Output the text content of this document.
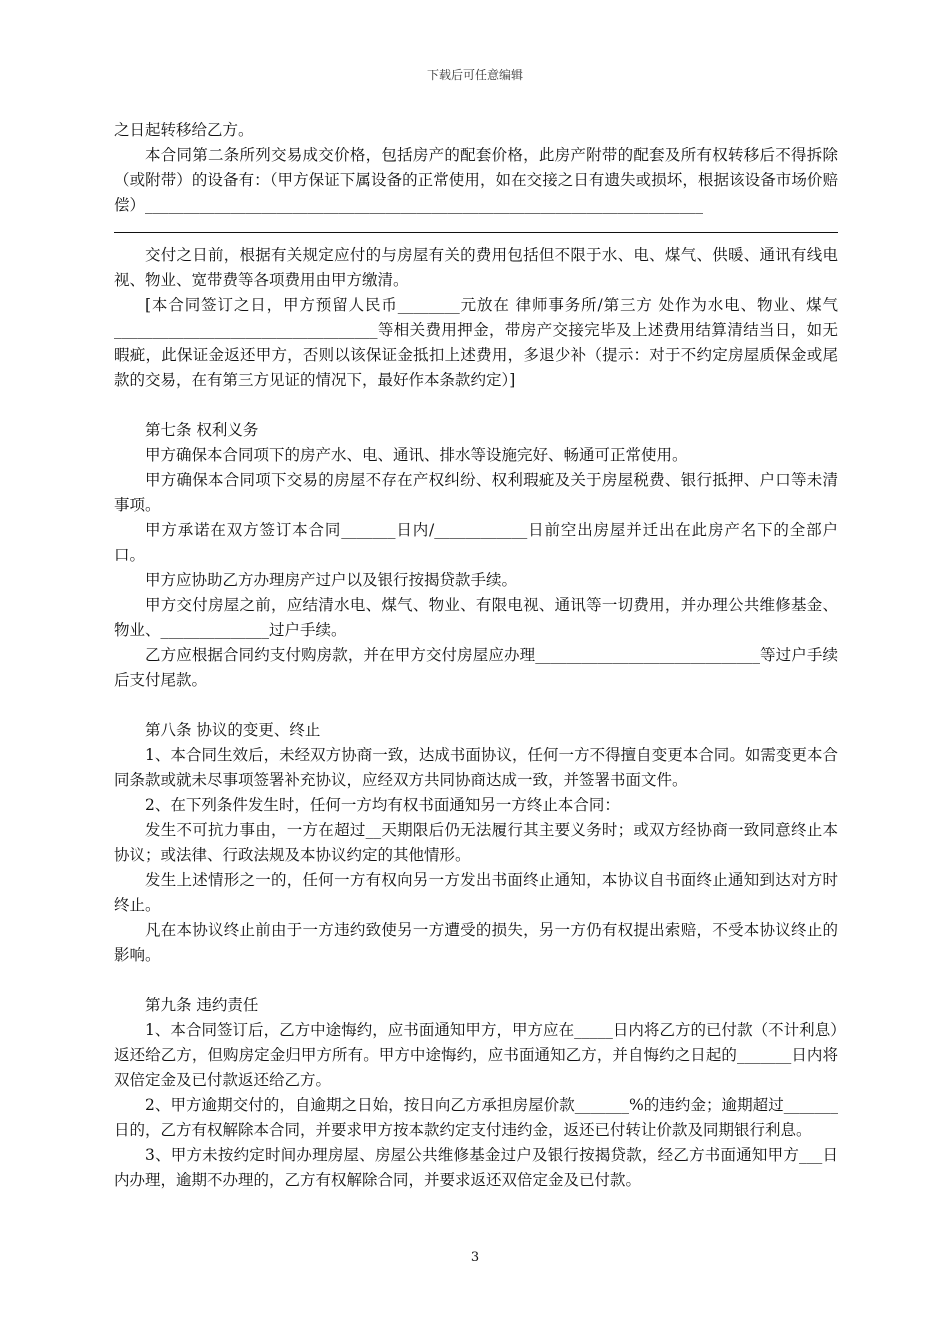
下载后可任意编辑

之日起转移给乙方。

本合同第二条所列交易成交价格，包括房产的配套价格，此房产附带的配套及所有权转移后不得拆除（或附带）的设备有：（甲方保证下属设备的正常使用，如在交接之日有遗失或损坏，根据该设备市场价赔偿）________________________________________________________________________

交付之日前，根据有关规定应付的与房屋有关的费用包括但不限于水、电、煤气、供暖、通讯有线电视、物业、宽带费等各项费用由甲方缴清。

[本合同签订之日，甲方预留人民币________元放在 律师事务所/第三方 处作为水电、物业、煤气__________________________________等相关费用押金，带房产交接完毕及上述费用结算清结当日，如无暇疵，此保证金返还甲方，否则以该保证金抵扣上述费用，多退少补（提示：对于不约定房屋质保金或尾款的交易，在有第三方见证的情况下，最好作本条款约定）]

第七条 权利义务

甲方确保本合同项下的房产水、电、通讯、排水等设施完好、畅通可正常使用。

甲方确保本合同项下交易的房屋不存在产权纠纷、权利瑕疵及关于房屋税费、银行抵押、户口等未清事项。

甲方承诺在双方签订本合同_______日内/____________日前空出房屋并迁出在此房产名下的全部户口。

甲方应协助乙方办理房产过户以及银行按揭贷款手续。

甲方交付房屋之前，应结清水电、煤气、物业、有限电视、通讯等一切费用，并办理公共维修基金、物业、______________过户手续。

乙方应根据合同约支付购房款，并在甲方交付房屋应办理_____________________________等过户手续后支付尾款。

第八条 协议的变更、终止

1、本合同生效后，未经双方协商一致，达成书面协议，任何一方不得擅自变更本合同。如需变更本合同条款或就未尽事项签署补充协议，应经双方共同协商达成一致，并签署书面文件。

2、在下列条件发生时，任何一方均有权书面通知另一方终止本合同：

发生不可抗力事由，一方在超过__天期限后仍无法履行其主要义务时；或双方经协商一致同意终止本协议；或法律、行政法规及本协议约定的其他情形。

发生上述情形之一的，任何一方有权向另一方发出书面终止通知，本协议自书面终止通知到达对方时终止。

凡在本协议终止前由于一方违约致使另一方遭受的损失，另一方仍有权提出索赔，不受本协议终止的影响。

第九条 违约责任

1、本合同签订后，乙方中途悔约，应书面通知甲方，甲方应在_____日内将乙方的已付款（不计利息）返还给乙方，但购房定金归甲方所有。甲方中途悔约，应书面通知乙方，并自悔约之日起的_______日内将双倍定金及已付款返还给乙方。

2、甲方逾期交付的，自逾期之日始，按日向乙方承担房屋价款_______%的违约金；逾期超过_______ 日的，乙方有权解除本合同，并要求甲方按本款约定支付违约金，返还已付转让价款及同期银行利息。

3、甲方未按约定时间办理房屋、房屋公共维修基金过户及银行按揭贷款，经乙方书面通知甲方___日内办理，逾期不办理的，乙方有权解除合同，并要求返还双倍定金及已付款。

3
